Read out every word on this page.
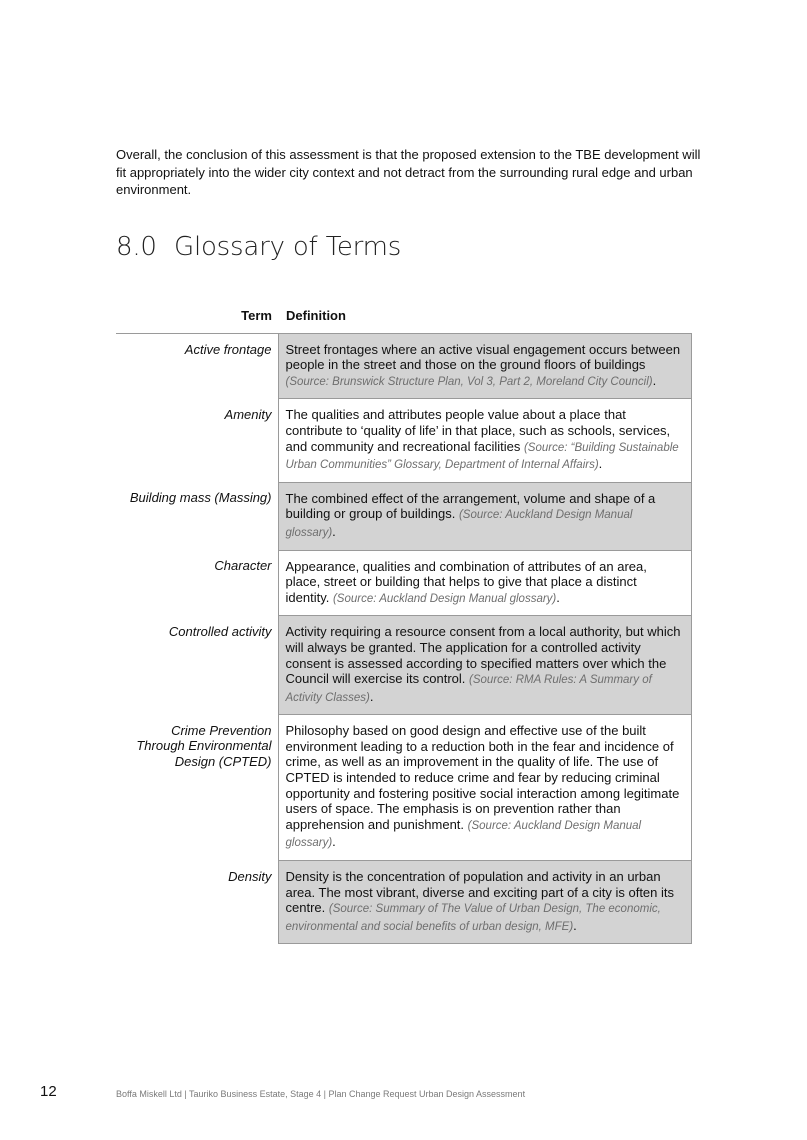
Overall, the conclusion of this assessment is that the proposed extension to the TBE development will fit appropriately into the wider city context and not detract from the surrounding rural edge and urban environment.

8.0 Glossary of Terms
Term	Definition
Active frontage	Street frontages where an active visual engagement occurs between people in the street and those on the ground floors of buildings (Source: Brunswick Structure Plan, Vol 3, Part 2, Moreland City Council).
Amenity	The qualities and attributes people value about a place that contribute to ‘quality of life’ in that place, such as schools, services, and community and recreational facilities (Source: “Building Sustainable Urban Communities” Glossary, Department of Internal Affairs).
Building mass (Massing)	The combined effect of the arrangement, volume and shape of a building or group of buildings. (Source: Auckland Design Manual glossary).
Character	Appearance, qualities and combination of attributes of an area, place, street or building that helps to give that place a distinct identity. (Source: Auckland Design Manual glossary).
Controlled activity	Activity requiring a resource consent from a local authority, but which will always be granted. The application for a controlled activity consent is assessed according to specified matters over which the Council will exercise its control. (Source: RMA Rules: A Summary of Activity Classes).
Crime Prevention Through Environmental Design (CPTED)	Philosophy based on good design and effective use of the built environment leading to a reduction both in the fear and incidence of crime, as well as an improvement in the quality of life. The use of CPTED is intended to reduce crime and fear by reducing criminal opportunity and fostering positive social interaction among legitimate users of space. The emphasis is on prevention rather than apprehension and punishment. (Source: Auckland Design Manual glossary).
Density	Density is the concentration of population and activity in an urban area. The most vibrant, diverse and exciting part of a city is often its centre. (Source: Summary of The Value of Urban Design, The economic, environmental and social benefits of urban design, MFE).
12	Boffa Miskell Ltd | Tauriko Business Estate, Stage 4 | Plan Change Request Urban Design Assessment
